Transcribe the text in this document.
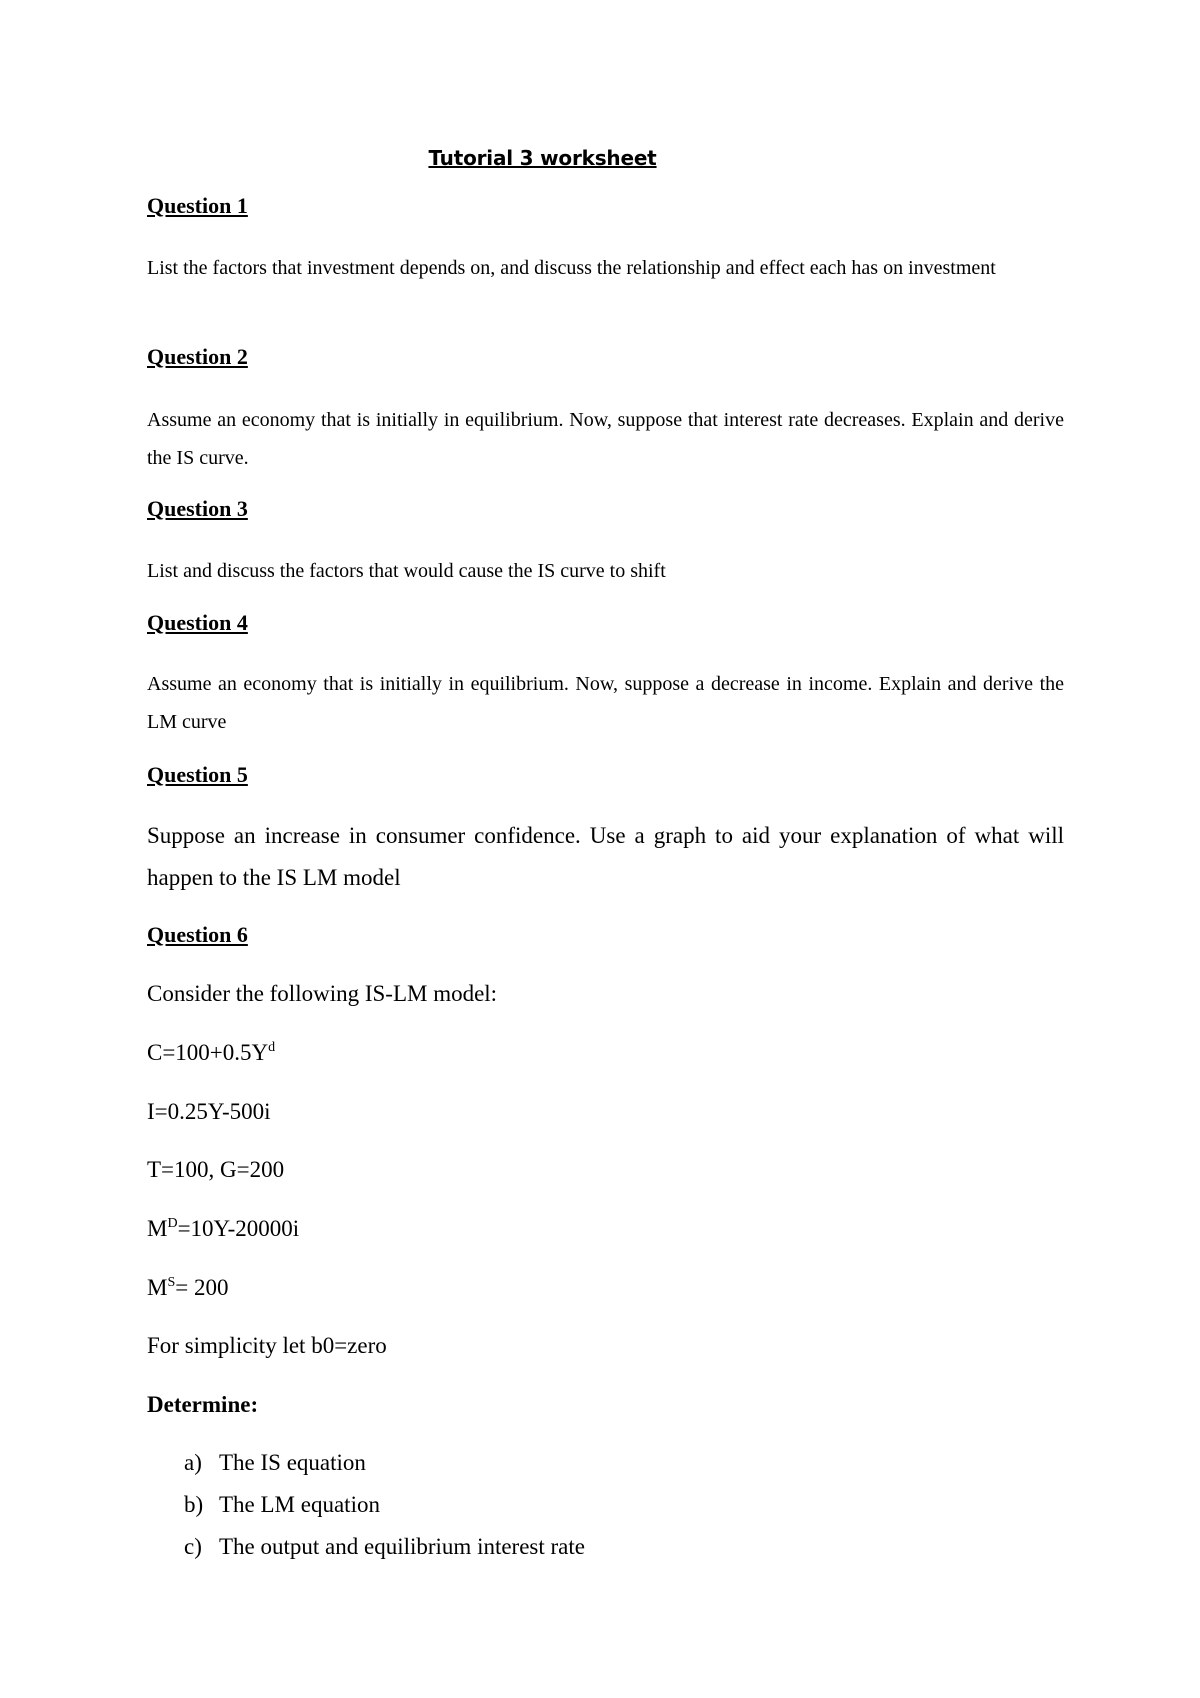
Tutorial 3 worksheet
Question 1

List the factors that investment depends on, and discuss the relationship and effect each has on investment

Question 2

Assume an economy that is initially in equilibrium. Now, suppose that interest rate decreases. Explain and derive the IS curve.

Question 3

List and discuss the factors that would cause the IS curve to shift

Question 4

Assume an economy that is initially in equilibrium. Now, suppose a decrease in income. Explain and derive the LM curve

Question 5

Suppose an increase in consumer confidence. Use a graph to aid your explanation of what will happen to the IS LM model

Question 6
Consider the following IS-LM model:
$C=100+0.5Y^d$
I=0.25Y-500i
T=100, G=200
$M^D=10Y-20000i$
$M^S= 200$
For simplicity let b0=zero
Determine:
a) The IS equation
b) The LM equation
c) The output and equilibrium interest rate
